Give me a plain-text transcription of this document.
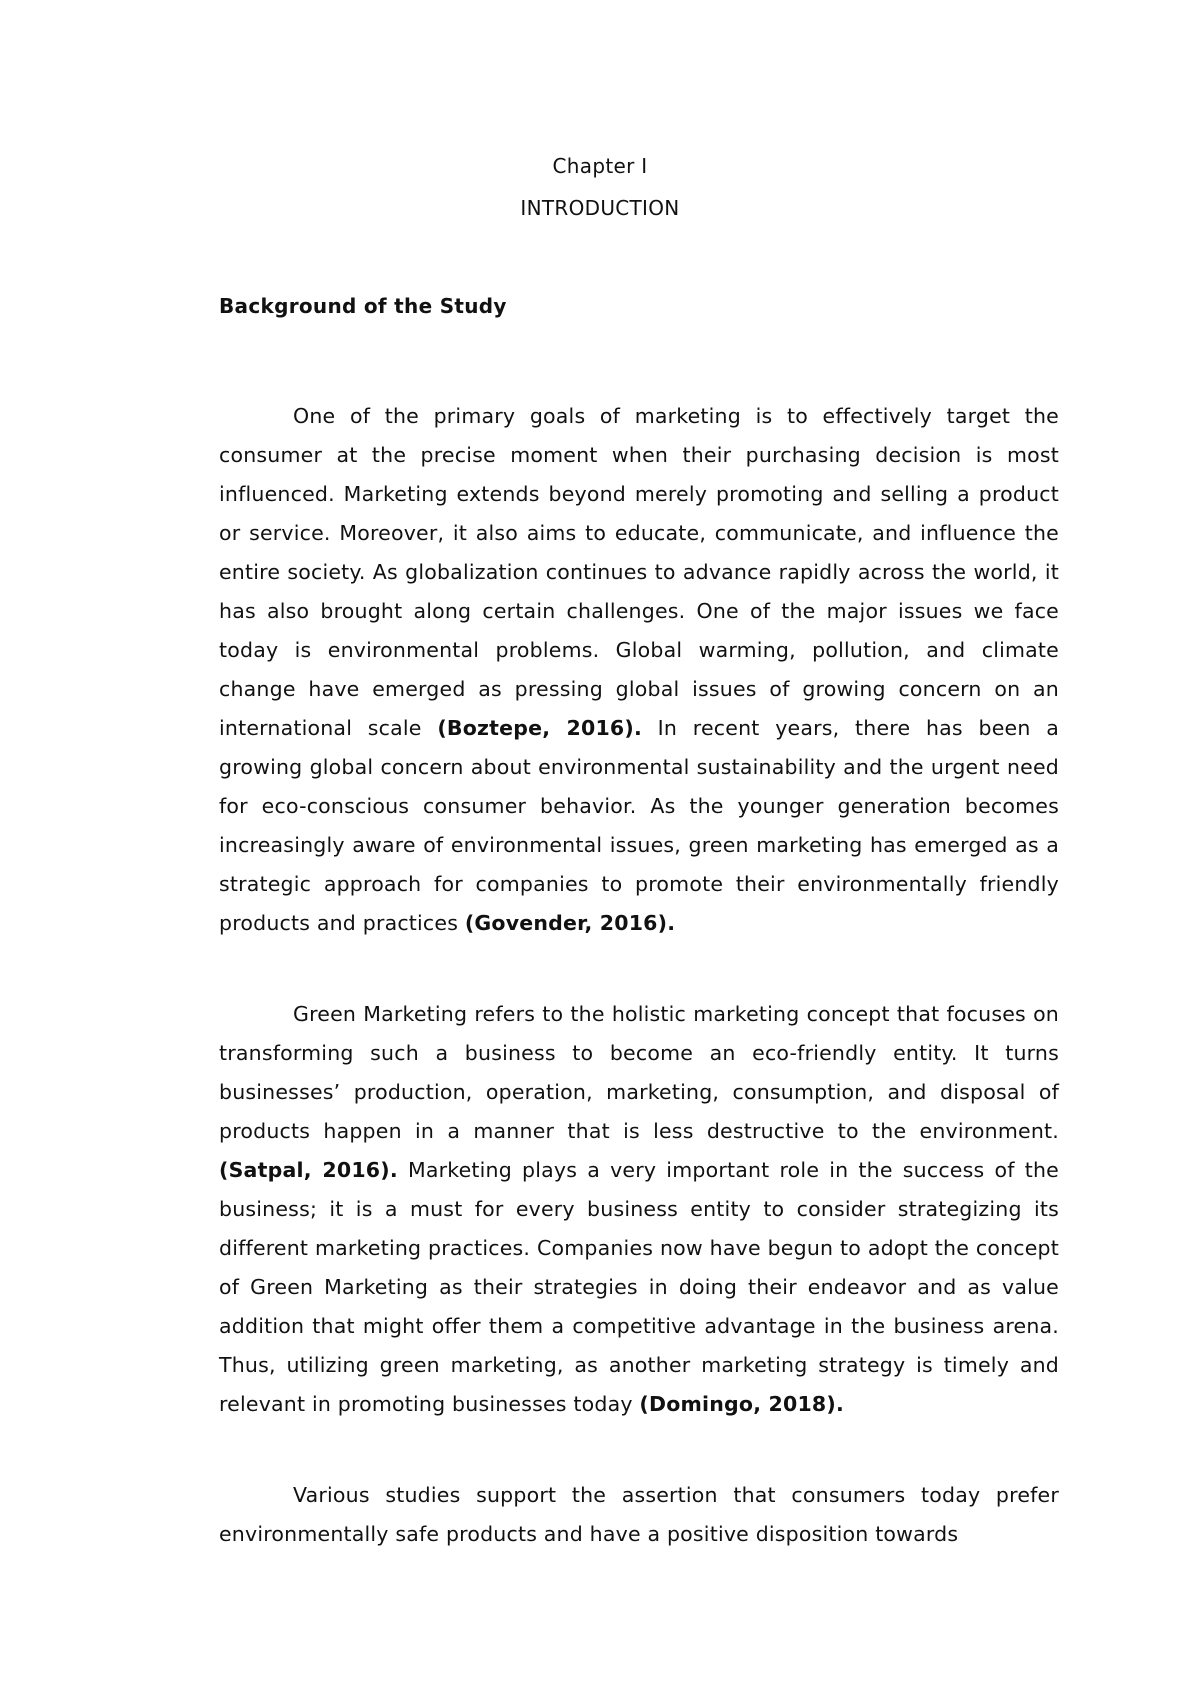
Chapter I
INTRODUCTION
Background of the Study

One of the primary goals of marketing is to effectively target the consumer at the precise moment when their purchasing decision is most influenced. Marketing extends beyond merely promoting and selling a product or service. Moreover, it also aims to educate, communicate, and influence the entire society. As globalization continues to advance rapidly across the world, it has also brought along certain challenges. One of the major issues we face today is environmental problems. Global warming, pollution, and climate change have emerged as pressing global issues of growing concern on an international scale (Boztepe, 2016). In recent years, there has been a growing global concern about environmental sustainability and the urgent need for eco-conscious consumer behavior. As the younger generation becomes increasingly aware of environmental issues, green marketing has emerged as a strategic approach for companies to promote their environmentally friendly products and practices (Govender, 2016).

Green Marketing refers to the holistic marketing concept that focuses on transforming such a business to become an eco-friendly entity. It turns businesses’ production, operation, marketing, consumption, and disposal of products happen in a manner that is less destructive to the environment. (Satpal, 2016). Marketing plays a very important role in the success of the business; it is a must for every business entity to consider strategizing its different marketing practices. Companies now have begun to adopt the concept of Green Marketing as their strategies in doing their endeavor and as value addition that might offer them a competitive advantage in the business arena. Thus, utilizing green marketing, as another marketing strategy is timely and relevant in promoting businesses today (Domingo, 2018).

Various studies support the assertion that consumers today prefer environmentally safe products and have a positive disposition towards
